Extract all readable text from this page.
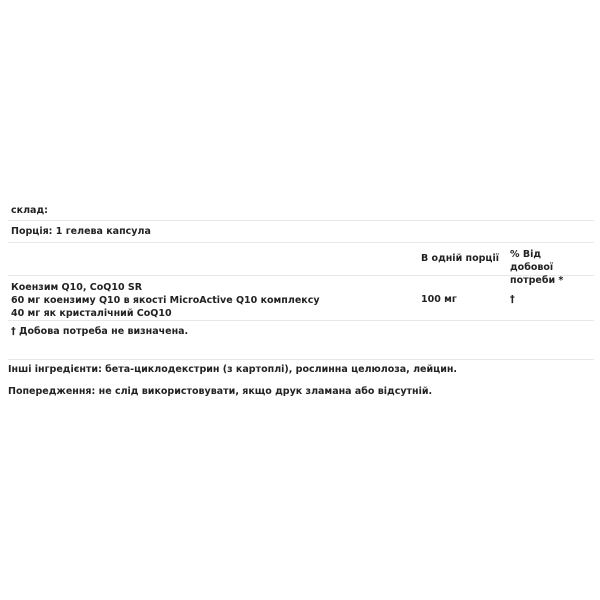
склад:
Порція: 1 гелева капсула
В одній порції % Від добової потреби *
Коензим Q10, CoQ10 SR
60 мг коензиму Q10 в якості MicroActive Q10 комплексу
40 мг як кристалічний CoQ10
100 мг	†
† Добова потреба не визначена.
Інші інгредієнти: бета-циклодекстрин (з картоплі), рослинна целюлоза, лейцин.
Попередження: не слід використовувати, якщо друк зламана або відсутній.
